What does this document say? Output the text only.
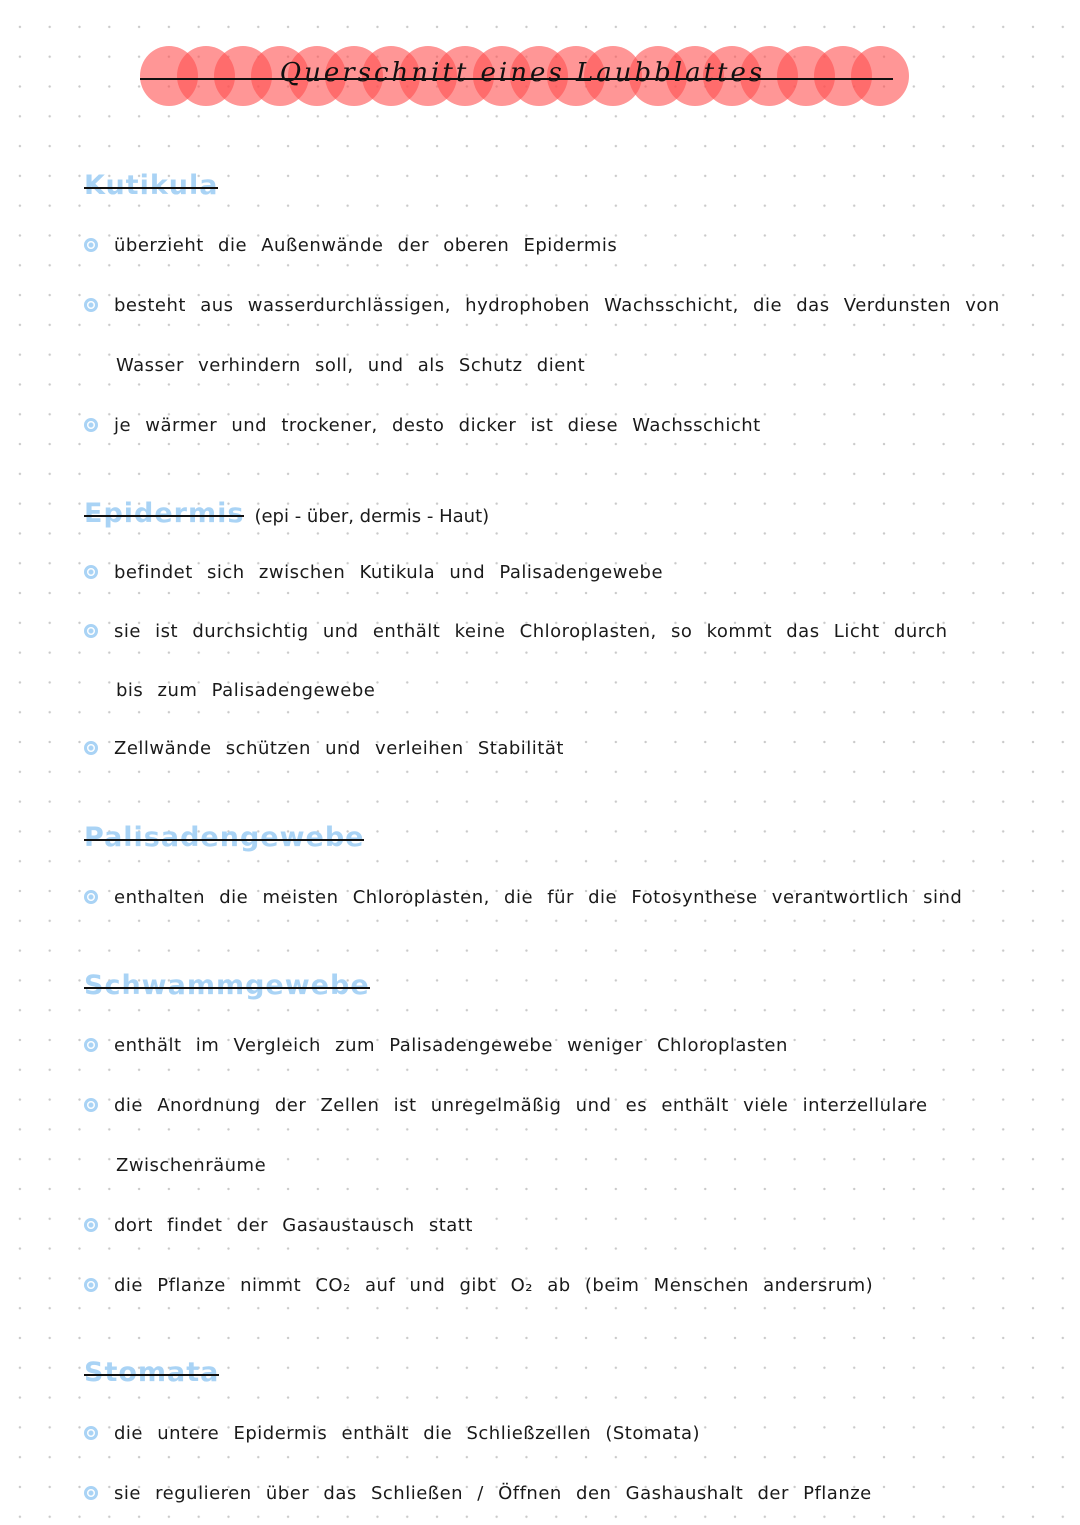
Querschnitt eines Laubblattes
Kutikula
überzieht die Außenwände der oberen Epidermis
besteht aus wasserdurchlässigen, hydrophoben Wachsschicht, die das Verdunsten von
Wasser verhindern soll, und als Schutz dient
je wärmer und trockener, desto dicker ist diese Wachsschicht
Epidermis (epi - über, dermis - Haut)
befindet sich zwischen Kutikula und Palisadengewebe
sie ist durchsichtig und enthält keine Chloroplasten, so kommt das Licht durch
bis zum Palisadengewebe
Zellwände schützen und verleihen Stabilität
Palisadengewebe
enthalten die meisten Chloroplasten, die für die Fotosynthese verantwortlich sind
Schwammgewebe
enthält im Vergleich zum Palisadengewebe weniger Chloroplasten
die Anordnung der Zellen ist unregelmäßig und es enthält viele interzellulare
Zwischenräume
dort findet der Gasaustausch statt
die Pflanze nimmt CO₂ auf und gibt O₂ ab (beim Menschen andersrum)
Stomata
die untere Epidermis enthält die Schließzellen (Stomata)
sie regulieren über das Schließen / Öffnen den Gashaushalt der Pflanze
